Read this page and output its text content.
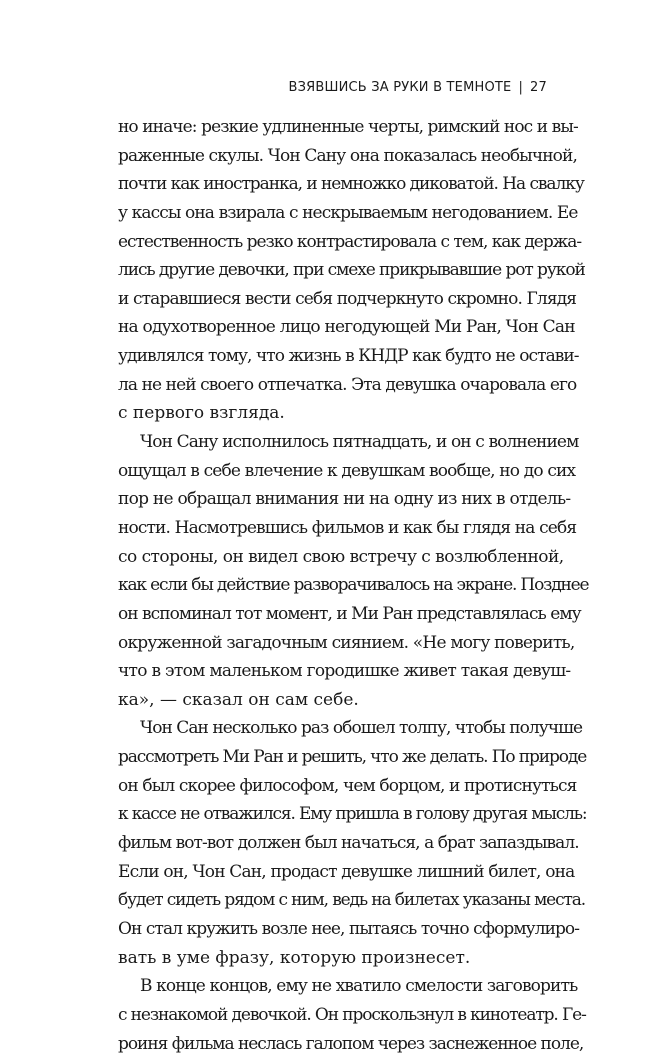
ВЗЯВШИСЬ ЗА РУКИ В ТЕМНОТЕ | 27
но иначе: резкие удлиненные черты, римский нос и вы-
раженные скулы. Чон Сану она показалась необычной,
почти как иностранка, и немножко диковатой. На свалку
у кассы она взирала с нескрываемым негодованием. Ее
естественность резко контрастировала с тем, как держа-
лись другие девочки, при смехе прикрывавшие рот рукой
и старавшиеся вести себя подчеркнуто скромно. Глядя
на одухотворенное лицо негодующей Ми Ран, Чон Сан
удивлялся тому, что жизнь в КНДР как будто не остави-
ла не ней своего отпечатка. Эта девушка очаровала его
с первого взгляда.
Чон Сану исполнилось пятнадцать, и он с волнением
ощущал в себе влечение к девушкам вообще, но до сих
пор не обращал внимания ни на одну из них в отдель-
ности. Насмотревшись фильмов и как бы глядя на себя
со стороны, он видел свою встречу с возлюбленной,
как если бы действие разворачивалось на экране. Позднее
он вспоминал тот момент, и Ми Ран представлялась ему
окруженной загадочным сиянием. «Не могу поверить,
что в этом маленьком городишке живет такая девуш-
ка», — сказал он сам себе.
Чон Сан несколько раз обошел толпу, чтобы получше
рассмотреть Ми Ран и решить, что же делать. По природе
он был скорее философом, чем борцом, и протиснуться
к кассе не отважился. Ему пришла в голову другая мысль:
фильм вот-вот должен был начаться, а брат запаздывал.
Если он, Чон Сан, продаст девушке лишний билет, она
будет сидеть рядом с ним, ведь на билетах указаны места.
Он стал кружить возле нее, пытаясь точно сформулиро-
вать в уме фразу, которую произнесет.
В конце концов, ему не хватило смелости заговорить
с незнакомой девочкой. Он проскользнул в кинотеатр. Ге-
роиня фильма неслась галопом через заснеженное поле,
